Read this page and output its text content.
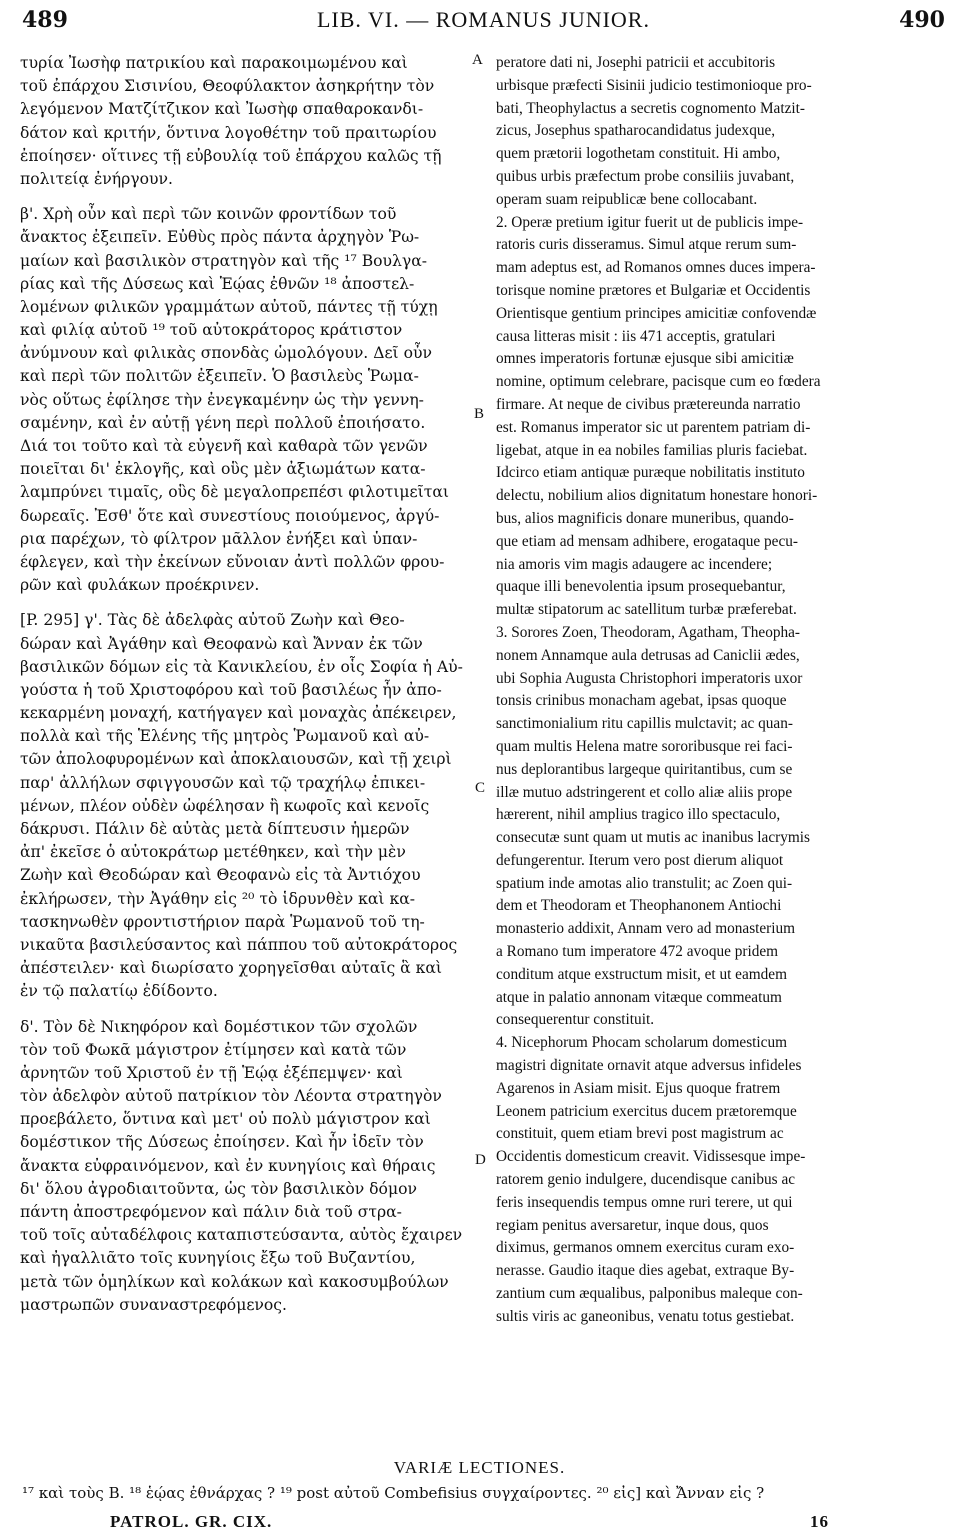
489	LIB. VI. — ROMANUS JUNIOR.	490
τυρία Ἰωσὴφ πατρικίου καὶ παρακοιμωμένου καὶ
τοῦ ἐπάρχου Σισινίου, Θεοφύλακτον ἀσηκρήτην τὸν
λεγόμενον Ματζίτζικον καὶ Ἰωσὴφ σπαθαροκανδι-
δάτον καὶ κριτήν, ὅντινα λογοθέτην τοῦ πραιτωρίου
ἐποίησεν· οἵτινες τῇ εὐβουλίᾳ τοῦ ἐπάρχου καλῶς τῇ
πολιτείᾳ ἐνήργουν.
β'. Χρὴ οὖν καὶ περὶ τῶν κοινῶν φροντίδων τοῦ
ἄνακτος ἐξειπεῖν. Εὐθὺς πρὸς πάντα ἀρχηγὸν Ῥω-
μαίων καὶ βασιλικὸν στρατηγὸν καὶ τῆς ¹⁷ Βουλγα-
ρίας καὶ τῆς Δύσεως καὶ Ἑῴας ἐθνῶν ¹⁸ ἀποστελ-
λομένων φιλικῶν γραμμάτων αὐτοῦ, πάντες τῇ τύχῃ
καὶ φιλίᾳ αὐτοῦ ¹⁹ τοῦ αὐτοκράτορος κράτιστον
ἀνύμνουν καὶ φιλικὰς σπονδὰς ὡμολόγουν. Δεῖ οὖν
καὶ περὶ τῶν πολιτῶν ἐξειπεῖν. Ὁ βασιλεὺς Ῥωμα-
νὸς οὕτως ἐφίλησε τὴν ἐνεγκαμένην ὡς τὴν γεννη-
σαμένην, καὶ ἐν αὐτῇ γένη περὶ πολλοῦ ἐποιήσατο.
Διά τοι τοῦτο καὶ τὰ εὐγενῆ καὶ καθαρὰ τῶν γενῶν
ποιεῖται δι' ἐκλογῆς, καὶ οὓς μὲν ἀξιωμάτων κατα-
λαμπρύνει τιμαῖς, οὓς δὲ μεγαλοπρεπέσι φιλοτιμεῖται
δωρεαῖς. Ἐσθ' ὅτε καὶ συνεστίους ποιούμενος, ἀργύ-
ρια παρέχων, τὸ φίλτρον μᾶλλον ἐνήξει καὶ ὑπαν-
έφλεγεν, καὶ τὴν ἐκείνων εὔνοιαν ἀντὶ πολλῶν φρου-
ρῶν καὶ φυλάκων προέκρινεν.
[P. 295] γ'. Τὰς δὲ ἀδελφὰς αὐτοῦ Ζωὴν καὶ Θεο-
δώραν καὶ Ἀγάθην καὶ Θεοφανὼ καὶ Ἄνναν ἐκ τῶν
βασιλικῶν δόμων εἰς τὰ Κανικλείου, ἐν οἷς Σοφία ἡ Αὐ-
γούστα ἡ τοῦ Χριστοφόρου καὶ τοῦ βασιλέως ἦν ἀπο-
κεκαρμένη μοναχή, κατήγαγεν καὶ μοναχὰς ἀπέκειρεν,
πολλὰ καὶ τῆς Ἑλένης τῆς μητρὸς Ῥωμανοῦ καὶ αὐ-
τῶν ἀπολοφυρομένων καὶ ἀποκλαιουσῶν, καὶ τῇ χειρὶ
παρ' ἀλλήλων σφιγγουσῶν καὶ τῷ τραχήλῳ ἐπικει-
μένων, πλέον οὐδὲν ὠφέλησαν ἢ κωφοῖς καὶ κενοῖς
δάκρυσι. Πάλιν δὲ αὐτὰς μετὰ δίπτευσιν ἡμερῶν
ἀπ' ἐκεῖσε ὁ αὐτοκράτωρ μετέθηκεν, καὶ τὴν μὲν
Ζωὴν καὶ Θεοδώραν καὶ Θεοφανὼ εἰς τὰ Ἀντιόχου
ἐκλήρωσεν, τὴν Ἀγάθην εἰς ²⁰ τὸ ἱδρυνθὲν καὶ κα-
τασκηνωθὲν φροντιστήριον παρὰ Ῥωμανοῦ τοῦ τη-
νικαῦτα βασιλεύσαντος καὶ πάππου τοῦ αὐτοκράτορος
ἀπέστειλεν· καὶ διωρίσατο χορηγεῖσθαι αὐταῖς ἃ καὶ
ἐν τῷ παλατίῳ ἐδίδοντο.
δ'. Τὸν δὲ Νικηφόρον καὶ δομέστικον τῶν σχολῶν
τὸν τοῦ Φωκᾶ μάγιστρον ἐτίμησεν καὶ κατὰ τῶν
ἀρνητῶν τοῦ Χριστοῦ ἐν τῇ Ἑῴᾳ ἐξέπεμψεν· καὶ
τὸν ἀδελφὸν αὐτοῦ πατρίκιον τὸν Λέοντα στρατηγὸν
προεβάλετο, ὅντινα καὶ μετ' οὐ πολὺ μάγιστρον καὶ
δομέστικον τῆς Δύσεως ἐποίησεν. Καὶ ἦν ἰδεῖν τὸν
ἄνακτα εὐφραινόμενον, καὶ ἐν κυνηγίοις καὶ θήραις
δι' ὅλου ἀγροδιαιτοῦντα, ὡς τὸν βασιλικὸν δόμον
πάντη ἀποστρεφόμενον καὶ πάλιν διὰ τοῦ στρα-
τοῦ τοῖς αὐταδέλφοις καταπιστεύσαντα, αὐτὸς ἔχαιρεν
καὶ ἠγαλλιᾶτο τοῖς κυνηγίοις ἔξω τοῦ Βυζαντίου,
μετὰ τῶν ὁμηλίκων καὶ κολάκων καὶ κακοσυμβούλων
μαστρωπῶν συναναστρεφόμενος.
peratore dati ni, Josephi patricii et accubitoris
urbisque præfecti Sisinii judicio testimonioque pro-
bati, Theophylactus a secretis cognomento Matzit-
zicus, Josephus spatharocandidatus judexque,
quem prætorii logothetam constituit. Hi ambo,
quibus urbis præfectum probe consiliis juvabant,
operam suam reipublicæ bene collocabant.
2. Operæ pretium igitur fuerit ut de publicis impe-
ratoris curis disseramus. Simul atque rerum sum-
mam adeptus est, ad Romanos omnes duces impera-
torisque nomine prætores et Bulgariæ et Occidentis
Orientisque gentium principes amicitiæ confovendæ
causa litteras misit : iis 471 acceptis, gratulari
omnes imperatoris fortunæ ejusque sibi amicitiæ
nomine, optimum celebrare, pacisque cum eo fœdera
firmare. At neque de civibus prætereunda narratio
est. Romanus imperator sic ut parentem patriam di-
ligebat, atque in ea nobiles familias pluris faciebat.
Idcirco etiam antiquæ puræque nobilitatis instituto
delectu, nobilium alios dignitatum honestare honori-
bus, alios magnificis donare muneribus, quando-
que etiam ad mensam adhibere, erogataque pecu-
nia amoris vim magis adaugere ac incendere;
quaque illi benevolentia ipsum prosequebantur,
multæ stipatorum ac satellitum turbæ præferebat.
3. Sorores Zoen, Theodoram, Agatham, Theopha-
nonem Annamque aula detrusas ad Caniclii ædes,
ubi Sophia Augusta Christophori imperatoris uxor
tonsis crinibus monacham agebat, ipsas quoque
sanctimonialium ritu capillis mulctavit; ac quan-
quam multis Helena matre sororibusque rei faci-
nus deplorantibus largeque quiritantibus, cum se
illæ mutuo adstringerent et collo aliæ aliis prope
hærerent, nihil amplius tragico illo spectaculo,
consecutæ sunt quam ut mutis ac inanibus lacrymis
defungerentur. Iterum vero post dierum aliquot
spatium inde amotas alio transtulit; ac Zoen qui-
dem et Theodoram et Theophanonem Antiochi
monasterio addixit, Annam vero ad monasterium
a Romano tum imperatore 472 avoque pridem
conditum atque exstructum misit, et ut eamdem
atque in palatio annonam vitæque commeatum
consequerentur constituit.
4. Nicephorum Phocam scholarum domesticum
magistri dignitate ornavit atque adversus infideles
Agarenos in Asiam misit. Ejus quoque fratrem
Leonem patricium exercitus ducem prætoremque
constituit, quem etiam brevi post magistrum ac
Occidentis domesticum creavit. Vidissesque impe-
ratorem genio indulgere, ducendisque canibus ac
feris insequendis tempus omne ruri terere, ut qui
regiam penitus aversaretur, inque dous, quos
diximus, germanos omnem exercitus curam exo-
nerasse. Gaudio itaque dies agebat, extraque By-
zantium cum æqualibus, palponibus maleque con-
sultis viris ac ganeonibus, venatu totus gestiebat.
A
B
C
D
VARIÆ LECTIONES.
¹⁷ καὶ τοὺς B. ¹⁸ ἑῴας ἐθνάρχας ? ¹⁹ post αὐτοῦ Combefisius συγχαίροντες. ²⁰ εἰς] καὶ Ἄνναν εἰς ?
PATROL. GR. CIX.	16
